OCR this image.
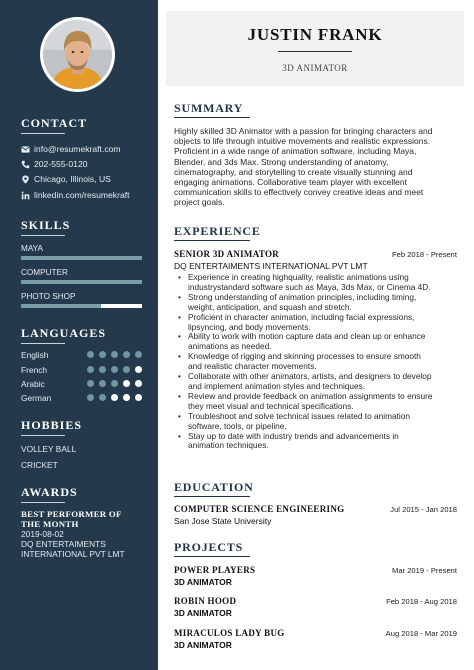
CONTACT
info@resumekraft.com
202-555-0120
Chicago, Illinois, US
linkedin.com/resumekraft
SKILLS
MAYA
COMPUTER
PHOTO SHOP
LANGUAGES
English
French
Arabic
German
HOBBIES
VOLLEY BALL
CRICKET
AWARDS
BEST PERFORMER OF
THE MONTH
2019-08-02
DQ ENTERTAIMENTS
INTERNATIONAL PVT LMT
JUSTIN FRANK
3D ANIMATOR
SUMMARY
Highly skilled 3D Animator with a passion for bringing characters and
objects to life through intuitive movements and realistic expressions.
Proficient in a wide range of animation software, including Maya,
Blender, and 3ds Max. Strong understanding of anatomy,
cinematography, and storytelling to create visually stunning and
engaging animations. Collaborative team player with excellent
communication skills to effectively convey creative ideas and meet
project goals.
EXPERIENCE
SENIOR 3D ANIMATOR	Feb 2018 - Present
DQ ENTERTAIMENTS INTERNATIONAL PVT LMT
• Experience in creating highquality, realistic animations using
industrystandard software such as Maya, 3ds Max, or Cinema 4D.
• Strong understanding of animation principles, including timing,
weight, anticipation, and squash and stretch.
• Proficient in character animation, including facial expressions,
lipsyncing, and body movements.
• Ability to work with motion capture data and clean up or enhance
animations as needed.
• Knowledge of rigging and skinning processes to ensure smooth
and realistic character movements.
• Collaborate with other animators, artists, and designers to develop
and implement animation styles and techniques.
• Review and provide feedback on animation assignments to ensure
they meet visual and technical specifications.
• Troubleshoot and solve technical issues related to animation
software, tools, or pipeline.
• Stay up to date with industry trends and advancements in
animation techniques.
EDUCATION
COMPUTER SCIENCE ENGINEERING	Jul 2015 - Jan 2018
San Jose State University
PROJECTS
POWER PLAYERS	Mar 2019 - Present
3D ANIMATOR
ROBIN HOOD	Feb 2018 - Aug 2018
3D ANIMATOR
MIRACULOS LADY BUG	Aug 2018 - Mar 2019
3D ANIMATOR
